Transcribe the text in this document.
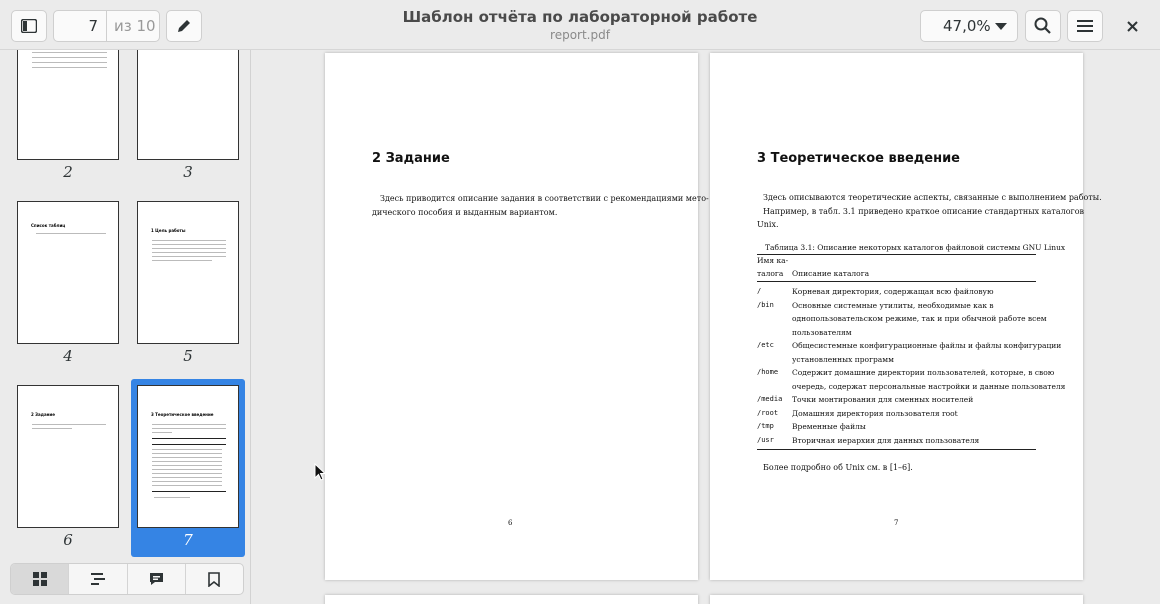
7	из 10	Шаблон отчёта по лабораторной работе
report.pdf	47,0%
2	3
Список таблиц
4
1 Цель работы
5
2 Задание
6
3 Теоретическое введение
7
2 Задание
Здесь приводится описание задания в соответствии с рекомендациями мето-
дического пособия и выданным вариантом.
6
3 Теоретическое введение
Здесь описываются теоретические аспекты, связанные с выполнением работы.
Например, в табл. 3.1 приведено краткое описание стандартных каталогов
Unix.
Таблица 3.1: Описание некоторых каталогов файловой системы GNU Linux
Имя ка-
талога Описание каталога
/	Корневая директория, содержащая всю файловую
/bin Основные системные утилиты, необходимые как в
однопользовательском режиме, так и при обычной работе всем
пользователям
/etc Общесистемные конфигурационные файлы и файлы конфигурации
установленных программ
/home Содержит домашние директории пользователей, которые, в свою
очередь, содержат персональные настройки и данные пользователя
/media Точки монтирования для сменных носителей
/root Домашняя директория пользователя root
/tmp Временные файлы
/usr Вторичная иерархия для данных пользователя
Более подробно об Unix см. в [1–6].
7
